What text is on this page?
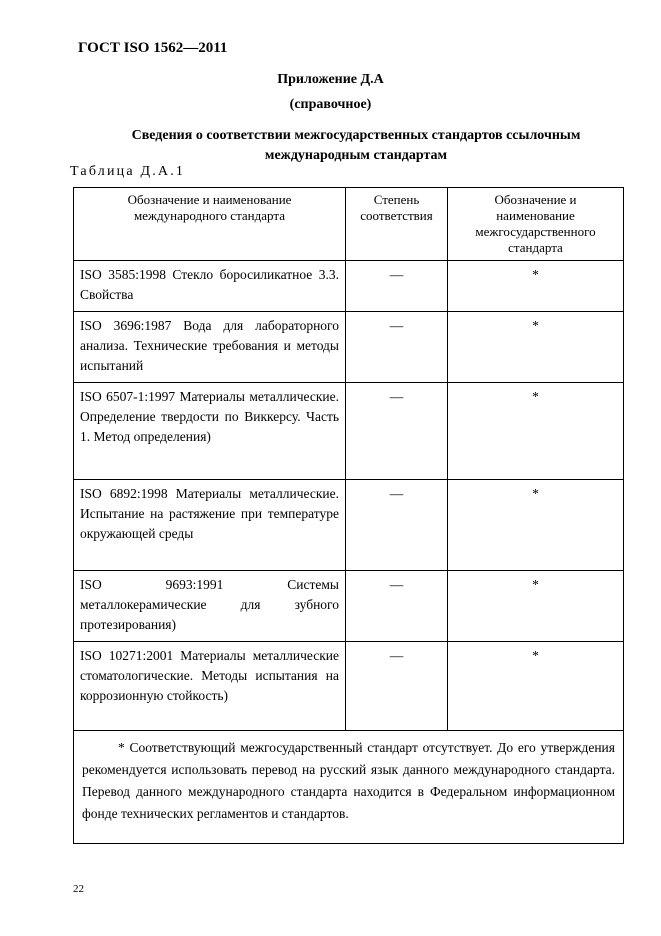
ГОСТ ISO 1562—2011
Приложение Д.А
(справочное)
Сведения о соответствии межгосударственных стандартов ссылочным международным стандартам
Таблица Д.А.1
Обозначение и наименование международного стандарта	Степень соответствия	Обозначение и наименование межгосударственного стандарта
ISO 3585:1998 Стекло боросиликатное 3.3. Свойства	—	*
ISO 3696:1987 Вода для лабораторного анализа. Технические требования и методы испытаний	—	*
ISO 6507-1:1997 Материалы металлические. Определение твердости по Виккерсу. Часть 1. Метод определения)	—	*
ISO 6892:1998 Материалы металлические. Испытание на растяжение при температуре окружающей среды	—	*
ISO 9693:1991 Системы металлокерамические для зубного протезирования)	—	*
ISO 10271:2001 Материалы металлические стоматологические. Методы испытания на коррозионную стойкость)	—	*
* Соответствующий межгосударственный стандарт отсутствует. До его утверждения рекомендуется использовать перевод на русский язык данного международного стандарта. Перевод данного международного стандарта находится в Федеральном информационном фонде технических регламентов и стандартов.		
22
